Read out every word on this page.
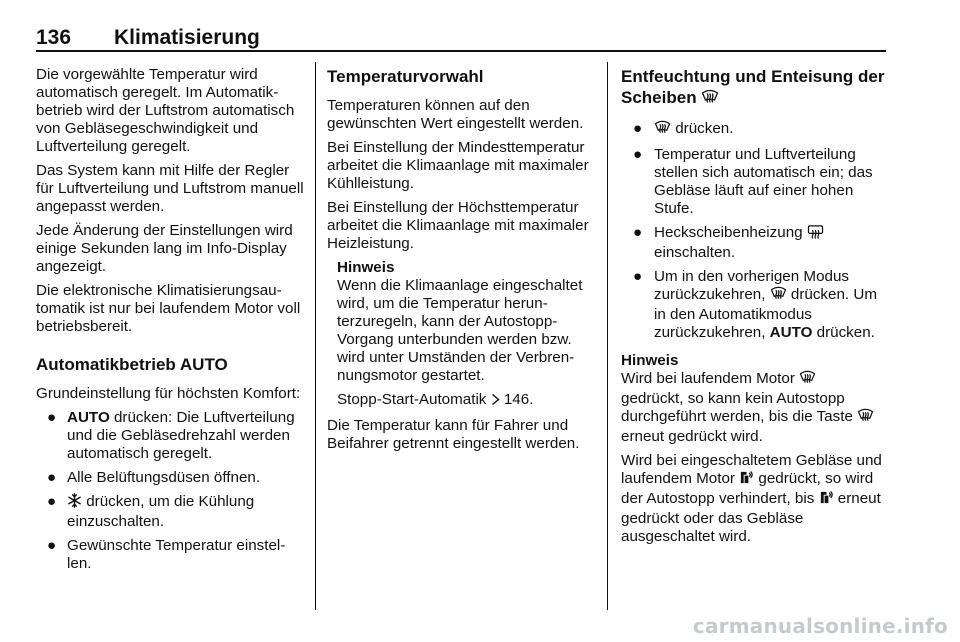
136 Klimatisierung

Die vorgewählte Temperatur wird automatisch geregelt. Im Automatikbetrieb wird der Luftstrom automatisch von Gebläsegeschwindigkeit und Luftverteilung geregelt.

Das System kann mit Hilfe der Regler für Luftverteilung und Luftstrom manuell angepasst werden.

Jede Änderung der Einstellungen wird einige Sekunden lang im Info-Display angezeigt.

Die elektronische Klimatisierungsautomatik ist nur bei laufendem Motor voll betriebsbereit.

Automatikbetrieb AUTO

Grundeinstellung für höchsten Komfort:

● AUTO drücken: Die Luftverteilung und die Gebläsedrehzahl werden automatisch geregelt.
● Alle Belüftungsdüsen öffnen.
● drücken, um die Kühlung einzuschalten.
● Gewünschte Temperatur einstellen.
Temperaturvorwahl

Temperaturen können auf den gewünschten Wert eingestellt werden.

Bei Einstellung der Mindesttemperatur arbeitet die Klimaanlage mit maximaler Kühlleistung.

Bei Einstellung der Höchsttemperatur arbeitet die Klimaanlage mit maximaler Heizleistung.

Hinweis

Wenn die Klimaanlage eingeschaltet wird, um die Temperatur herunterzuregeln, kann der Autostopp-Vorgang unterbunden werden bzw. wird unter Umständen der Verbrennungsmotor gestartet.

Stopp-Start-Automatik  146.

Die Temperatur kann für Fahrer und Beifahrer getrennt eingestellt werden.

Entfeuchtung und Enteisung der Scheiben
● drücken.
● Temperatur und Luftverteilung stellen sich automatisch ein; das Gebläse läuft auf einer hohen Stufe.
● Heckscheibenheizung
einschalten.
● Um in den vorherigen Modus zurückzukehren,  drücken. Um in den Automatikmodus zurückzukehren, AUTO drücken.
Hinweis

Wird bei laufendem Motor
gedrückt, so kann kein Autostopp durchgeführt werden, bis die Taste  erneut gedrückt wird.

Wird bei eingeschaltetem Gebläse und laufendem Motor  gedrückt, so wird der Autostopp verhindert, bis  erneut gedrückt oder das Gebläse ausgeschaltet wird.

carmanualsonline.info
